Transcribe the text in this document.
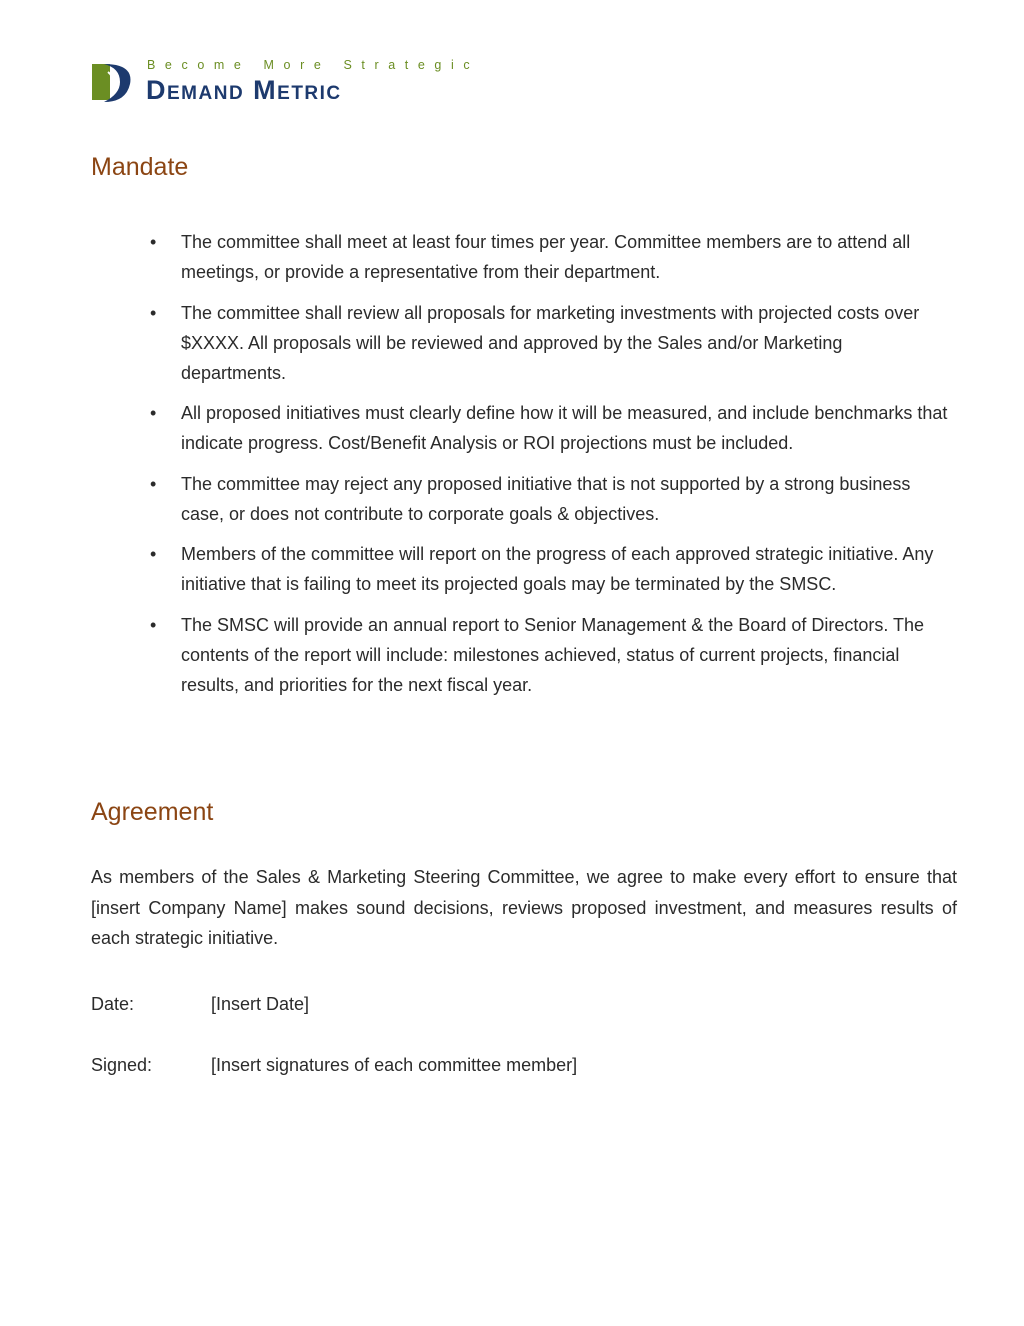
Become More Strategic
Demand Metric
Mandate
•	The committee shall meet at least four times per year. Committee members are to attend all meetings, or provide a representative from their department.
•	The committee shall review all proposals for marketing investments with projected costs over $XXXX. All proposals will be reviewed and approved by the Sales and/or Marketing departments.
•	All proposed initiatives must clearly define how it will be measured, and include benchmarks that indicate progress. Cost/Benefit Analysis or ROI projections must be included.
•	The committee may reject any proposed initiative that is not supported by a strong business case, or does not contribute to corporate goals & objectives.
•	Members of the committee will report on the progress of each approved strategic initiative. Any initiative that is failing to meet its projected goals may be terminated by the SMSC.
•	The SMSC will provide an annual report to Senior Management & the Board of Directors. The contents of the report will include: milestones achieved, status of current projects, financial results, and priorities for the next fiscal year.
Agreement

As members of the Sales & Marketing Steering Committee, we agree to make every effort to ensure that [insert Company Name] makes sound decisions, reviews proposed investment, and measures results of each strategic initiative.

Date:	[Insert Date]
Signed:	[Insert signatures of each committee member]
